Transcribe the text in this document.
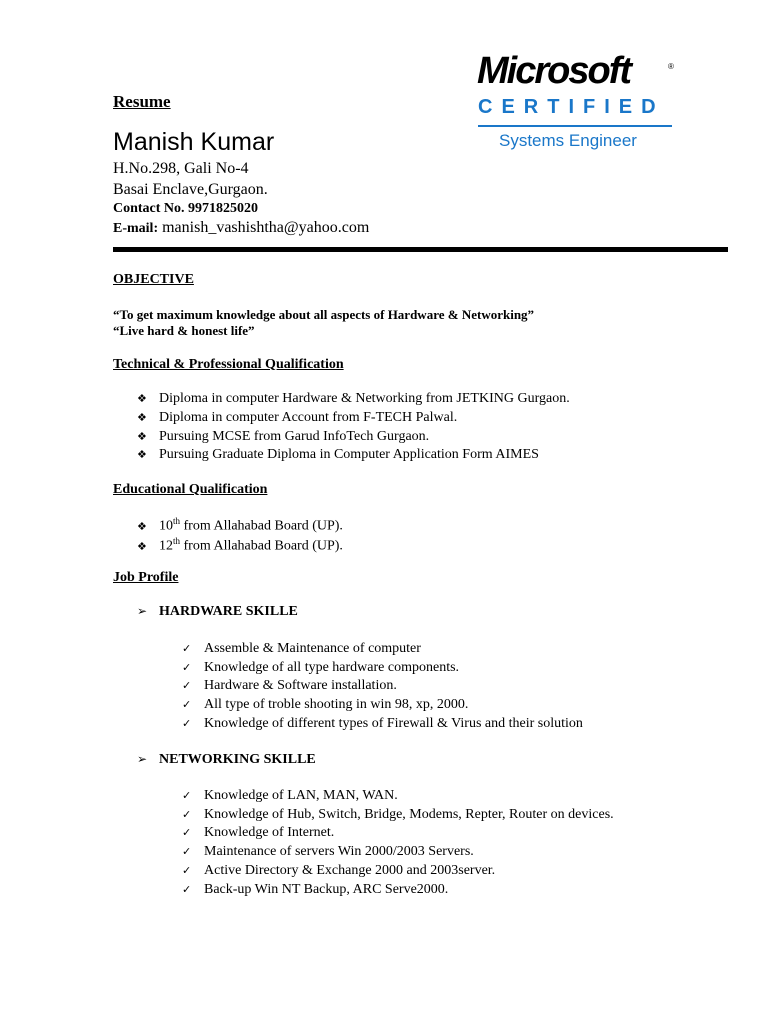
Resume
Manish Kumar
H.No.298, Gali No-4
Basai Enclave,Gurgaon.
Contact No. 9971825020
E-mail: manish_vashishtha@yahoo.com
Microsoft	®
CERTIFIED
Systems Engineer
OBJECTIVE
“To get maximum knowledge about all aspects of Hardware & Networking”
“Live hard & honest life”
Technical & Professional Qualification
❖ Diploma in computer Hardware & Networking from JETKING Gurgaon.
❖ Diploma in computer Account from F-TECH Palwal.
❖ Pursuing MCSE from Garud InfoTech Gurgaon.
❖ Pursuing Graduate Diploma in Computer Application Form AIMES
Educational Qualification
❖ 10th from Allahabad Board (UP).
❖ 12th from Allahabad Board (UP).
Job Profile
➢ HARDWARE SKILLE
✓ Assemble & Maintenance of computer
✓ Knowledge of all type hardware components.
✓ Hardware & Software installation.
✓ All type of troble shooting in win 98, xp, 2000.
✓ Knowledge of different types of Firewall & Virus and their solution
➢ NETWORKING SKILLE
✓ Knowledge of LAN, MAN, WAN.
✓ Knowledge of Hub, Switch, Bridge, Modems, Repter, Router on devices.
✓ Knowledge of Internet.
✓ Maintenance of servers Win 2000/2003 Servers.
✓ Active Directory & Exchange 2000 and 2003server.
✓ Back-up Win NT Backup, ARC Serve2000.
